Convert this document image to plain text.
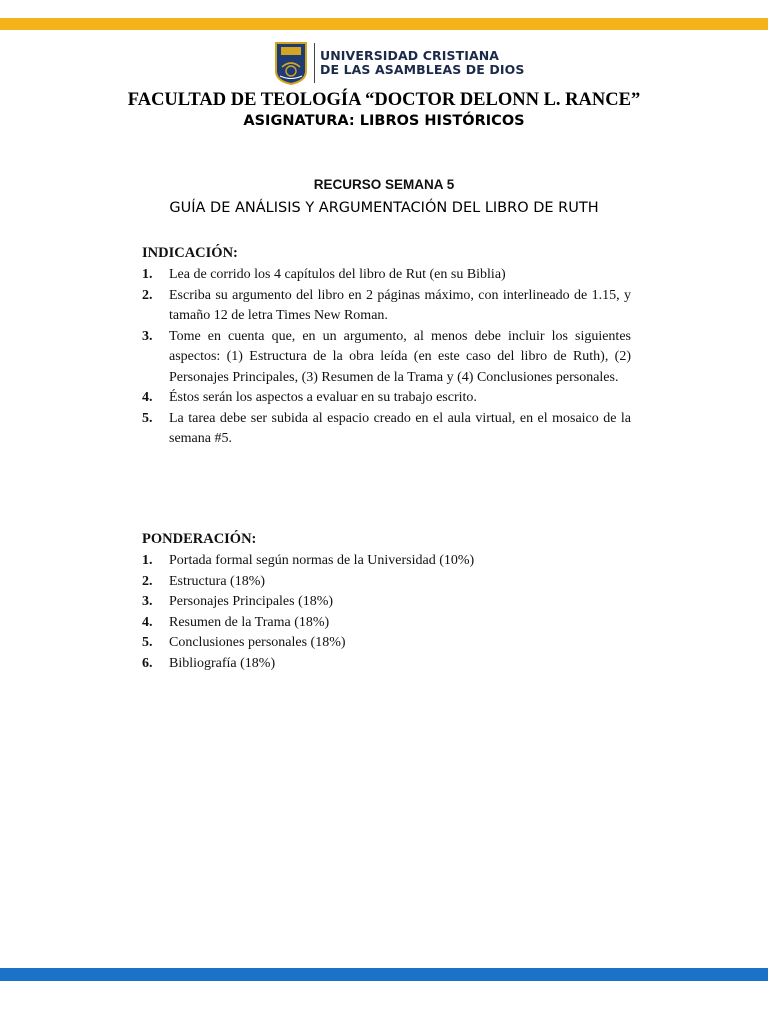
UNIVERSIDAD CRISTIANA
DE LAS ASAMBLEAS DE DIOS
FACULTAD DE TEOLOGÍA “DOCTOR DELONN L. RANCE”
ASIGNATURA: LIBROS HISTÓRICOS
RECURSO SEMANA 5
GUÍA DE ANÁLISIS Y ARGUMENTACIÓN DEL LIBRO DE RUTH
INDICACIÓN:
1.	Lea de corrido los 4 capítulos del libro de Rut (en su Biblia)
2.	Escriba su argumento del libro en 2 páginas máximo, con interlineado de 1.15, y tamaño 12 de letra Times New Roman.
3.	Tome en cuenta que, en un argumento, al menos debe incluir los siguientes aspectos: (1) Estructura de la obra leída (en este caso del libro de Ruth), (2) Personajes Principales, (3) Resumen de la Trama y (4) Conclusiones personales.
4.	Éstos serán los aspectos a evaluar en su trabajo escrito.
5.	La tarea debe ser subida al espacio creado en el aula virtual, en el mosaico de la semana #5.
PONDERACIÓN:
1.	Portada formal según normas de la Universidad (10%)
2.	Estructura (18%)
3.	Personajes Principales (18%)
4.	Resumen de la Trama (18%)
5.	Conclusiones personales (18%)
6.	Bibliografía (18%)
